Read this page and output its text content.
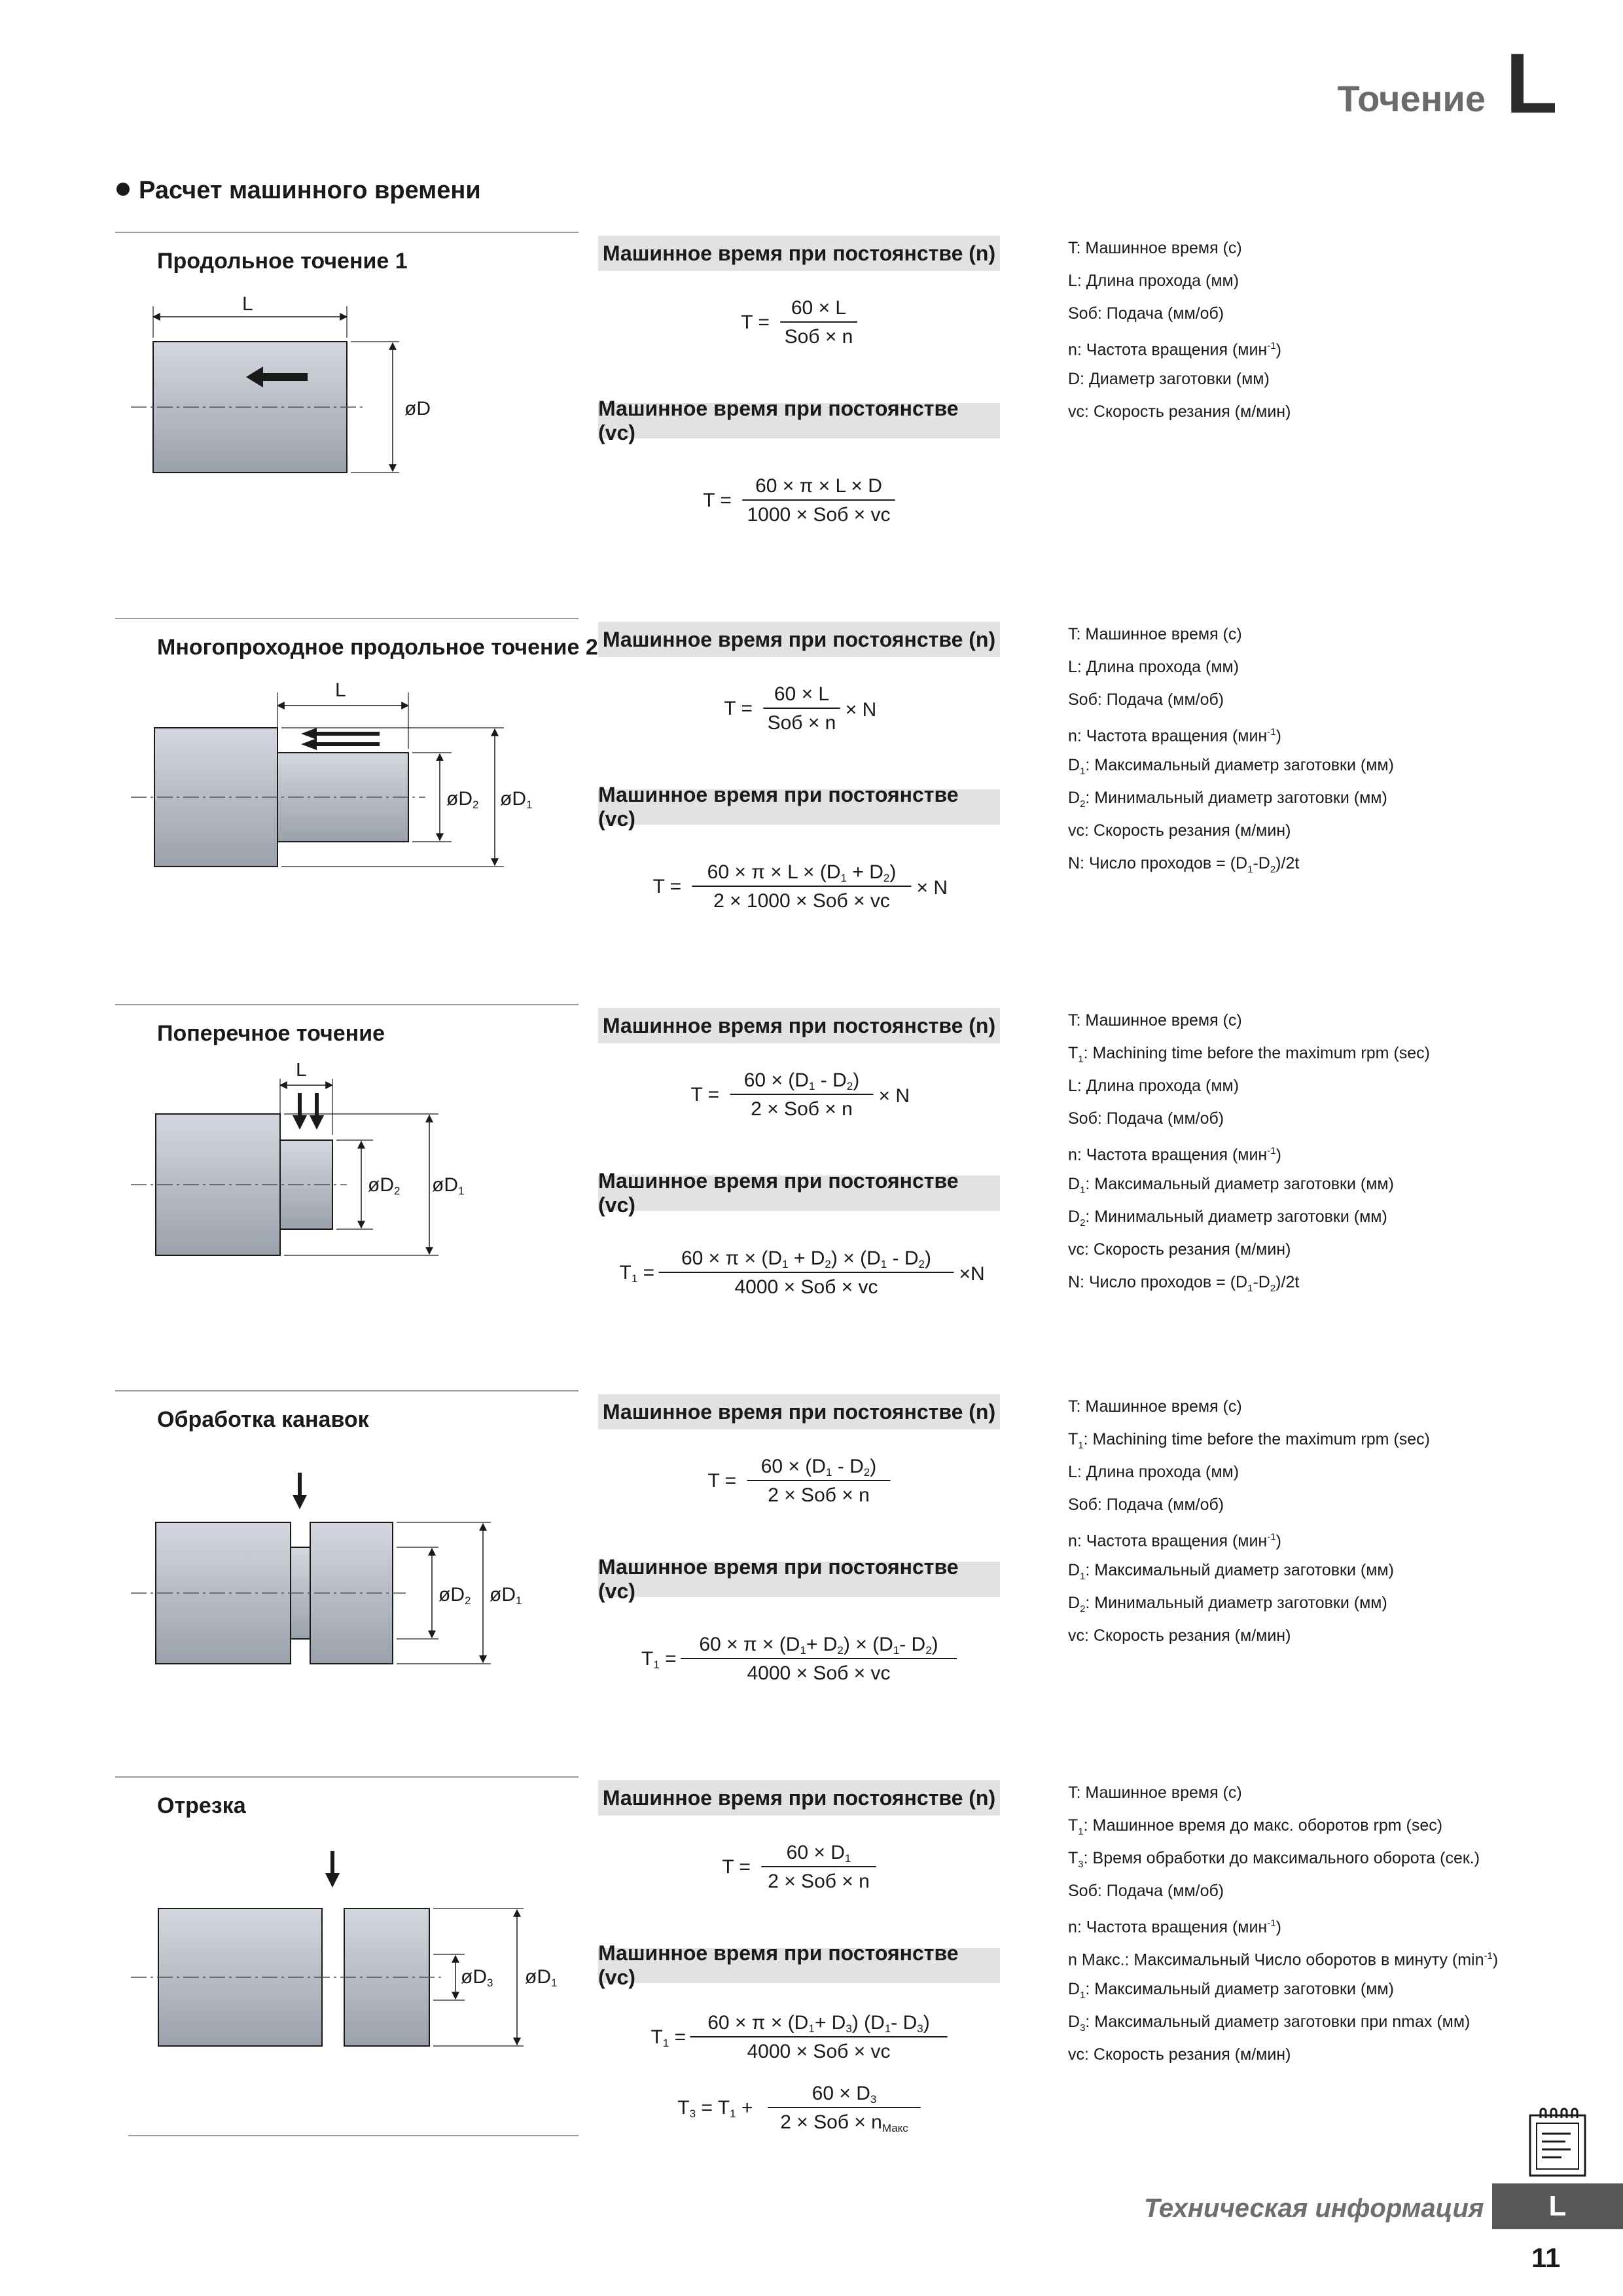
Точение L
Расчет машинного времени
Продольное точение 1
L
øD
Машинное время при постоянстве (n)
T =
60 × L
Sоб × n
Машинное время при постоянстве (vc)
T =
60 × π × L × D
1000 × Sоб × vc
T: Машинное время (с)
L: Длина прохода (мм)
Sоб: Подача (мм/об)
n: Частота вращения (мин$^{-1}$)
D: Диаметр заготовки (мм)
vc: Скорость резания (м/мин)
Многопроходное продольное точение 2
L
øD2 øD1
Машинное время при постоянстве (n)
T =
60 × L
Sоб × n
× N
Машинное время при постоянстве (vc)
T =
60 × π × L × (D1 + D2)
2 × 1000 × Sоб × vc
× N
T: Машинное время (с)
L: Длина прохода (мм)
Sоб: Подача (мм/об)
n: Частота вращения (мин$^{-1}$)
$D_1$: Максимальный диаметр заготовки (мм)
$D_2$: Минимальный диаметр заготовки (мм)
vc: Скорость резания (м/мин)
N: Число проходов = $(D_1-D_2)/2t$
Поперечное точение
L
øD2 øD1
Машинное время при постоянстве (n)
T =
60 × (D1 - D2)
2 × Sоб × n
× N
Машинное время при постоянстве (vc)
T1 =
60 × π × (D1 + D2) × (D1 - D2)
4000 × Sоб × vc
×N
T: Машинное время (с)
$T_1$: Machining time before the maximum rpm (sec)
L: Длина прохода (мм)
Sоб: Подача (мм/об)
n: Частота вращения (мин$^{-1}$)
$D_1$: Максимальный диаметр заготовки (мм)
$D_2$: Минимальный диаметр заготовки (мм)
vc: Скорость резания (м/мин)
N: Число проходов = $(D_1-D_2)/2t$
Обработка канавок
øD2 øD1
Машинное время при постоянстве (n)
T =
60 × (D1 - D2)
2 × Sоб × n
Машинное время при постоянстве (vc)
T1 =
60 × π × (D1+ D2) × (D1- D2)
4000 × Sоб × vc
T: Машинное время (с)
$T_1$: Machining time before the maximum rpm (sec)
L: Длина прохода (мм)
Sоб: Подача (мм/об)
n: Частота вращения (мин$^{-1}$)
$D_1$: Максимальный диаметр заготовки (мм)
$D_2$: Минимальный диаметр заготовки (мм)
vc: Скорость резания (м/мин)
Отрезка
øD3 øD1
Машинное время при постоянстве (n)
T =
60 × D1
2 × Sоб × n
Машинное время при постоянстве (vc)
T1 =
60 × π × (D1+ D3) (D1- D3)
4000 × Sоб × vc
T3 = T1 +
60 × D3
2 × Sоб × nМакс
T: Машинное время (с)
$T_1$: Машинное время до макс. оборотов rpm (sec)
$T_3$: Время обработки до максимального оборота (сек.)
Sоб: Подача (мм/об)
n: Частота вращения (мин$^{-1}$)
n Макс.: Максимальный Число оборотов в минуту $(\min^{-1})$
$D_1$: Максимальный диаметр заготовки (мм)
$D_3$: Максимальный диаметр заготовки при nmax (мм)
vc: Скорость резания (м/мин)
Техническая информация	L
11
